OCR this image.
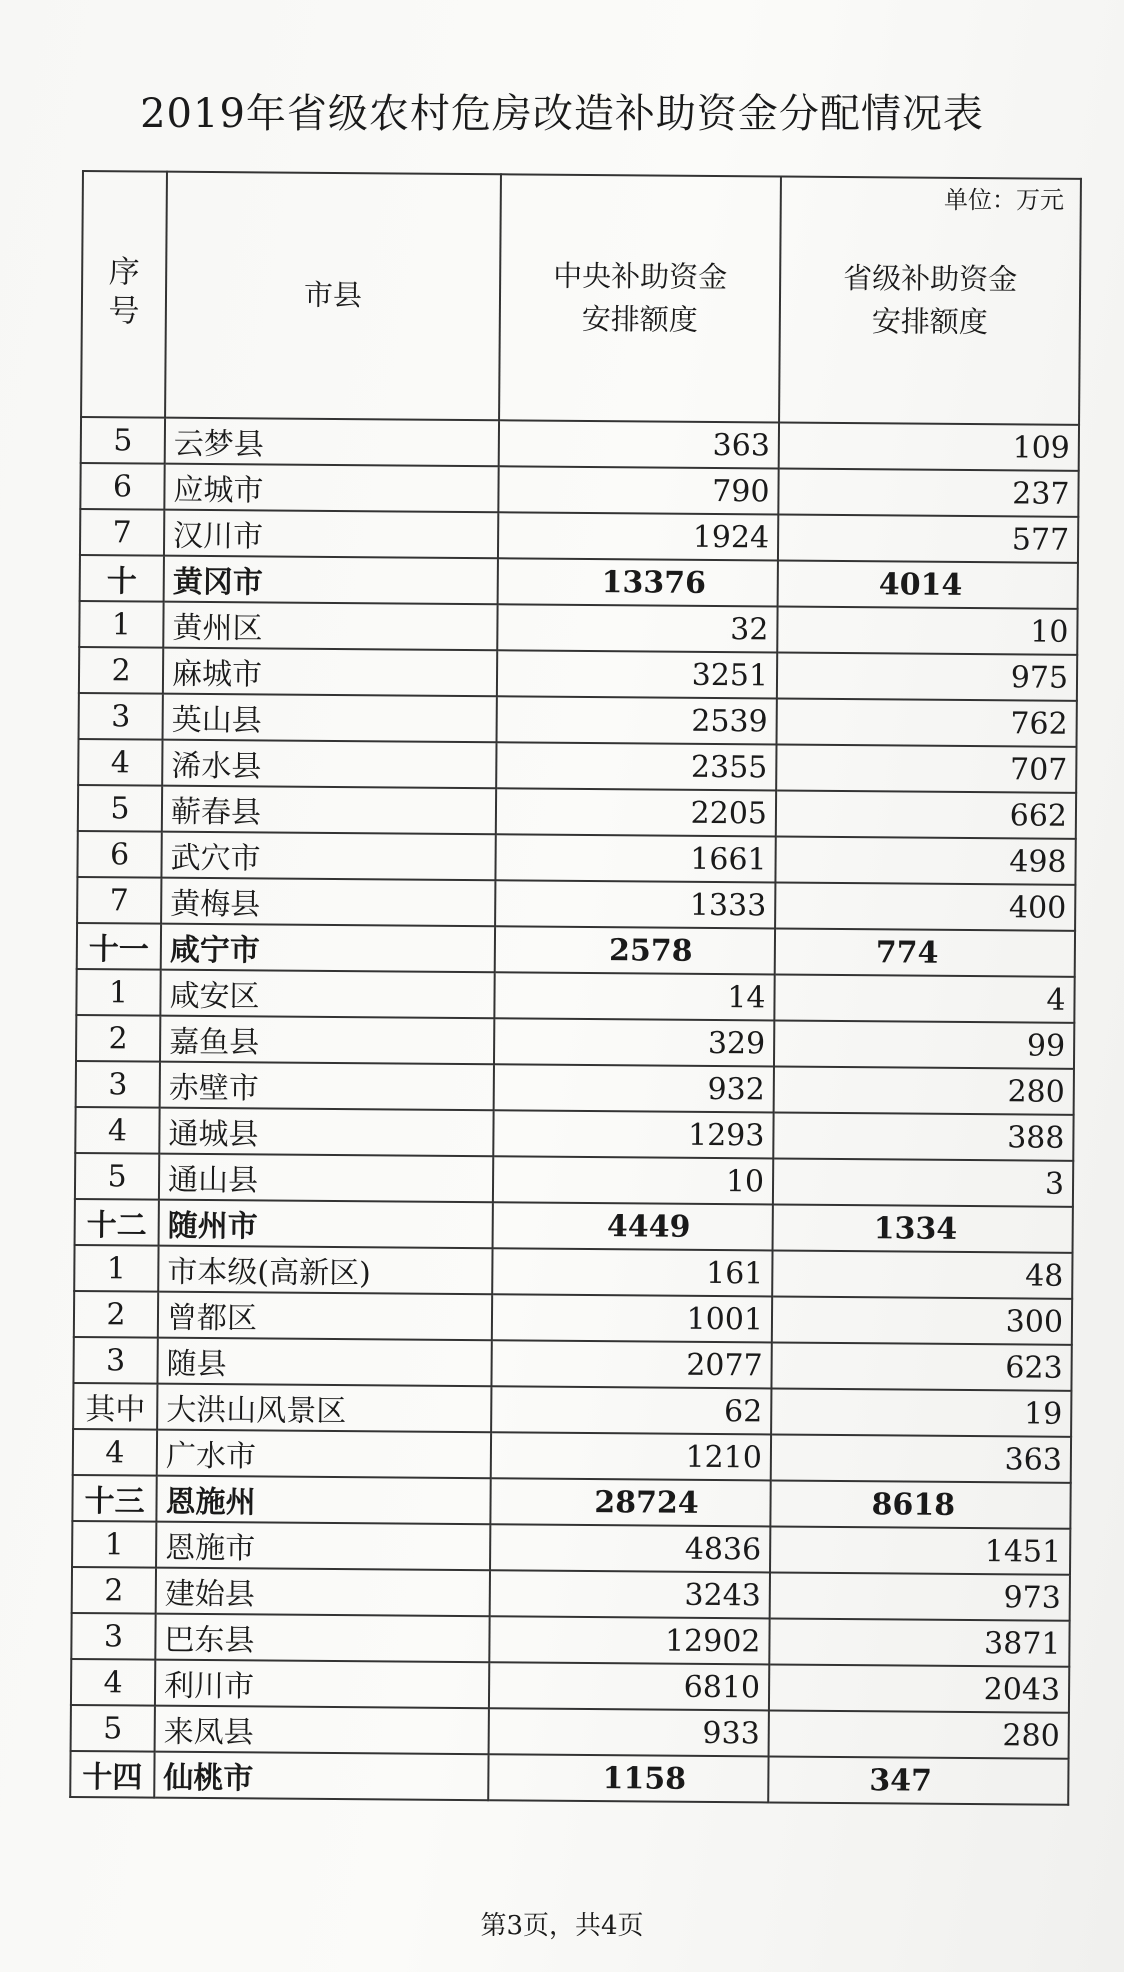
2019年省级农村危房改造补助资金分配情况表
单位：万元
序号	市县	中央补助资金安排额度	省级补助资金安排额度
5	云梦县	363	109
6	应城市	790	237
7	汉川市	1924	577
十	黄冈市	13376	4014
1	黄州区	32	10
2	麻城市	3251	975
3	英山县	2539	762
4	浠水县	2355	707
5	蕲春县	2205	662
6	武穴市	1661	498
7	黄梅县	1333	400
十一	咸宁市	2578	774
1	咸安区	14	4
2	嘉鱼县	329	99
3	赤壁市	932	280
4	通城县	1293	388
5	通山县	10	3
十二	随州市	4449	1334
1	市本级(高新区)	161	48
2	曾都区	1001	300
3	随县	2077	623
其中	大洪山风景区	62	19
4	广水市	1210	363
十三	恩施州	28724	8618
1	恩施市	4836	1451
2	建始县	3243	973
3	巴东县	12902	3871
4	利川市	6810	2043
5	来凤县	933	280
十四	仙桃市	1158	347
第3页，共4页
